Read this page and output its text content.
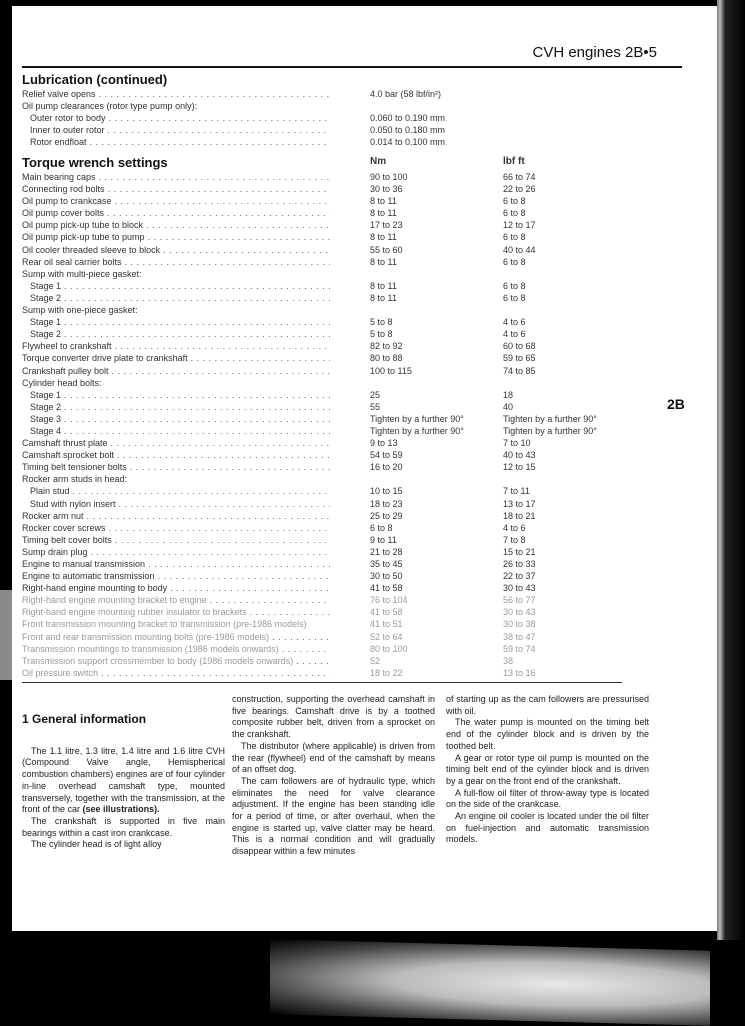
CVH engines 2B•5
Lubrication (continued)
Relief valve opens . . .	4.0 bar (58 lbf/in²)
Oil pump clearances (rotor type pump only):
Outer rotor to body . . .	0.060 to 0.190 mm
Inner to outer rotor . . .	0.050 to 0.180 mm
Rotor endfloat . . .	0.014 to 0.100 mm
Torque wrench settings	Nm	lbf ft
Main bearing caps . . .	90 to 100	66 to 74
Connecting rod bolts . . .	30 to 36	22 to 26
Oil pump to crankcase . . .	8 to 11	6 to 8
Oil pump cover bolts . . .	8 to 11	6 to 8
Oil pump pick-up tube to block . . .	17 to 23	12 to 17
Oil pump pick-up tube to pump . . .	8 to 11	6 to 8
Oil cooler threaded sleeve to block . . .	55 to 60	40 to 44
Rear oil seal carrier bolts . . .	8 to 11	6 to 8
Sump with multi-piece gasket:
Stage 1 . . .	8 to 11	6 to 8
Stage 2 . . .	8 to 11	6 to 8
Sump with one-piece gasket:
Stage 1 . . .	5 to 8	4 to 6
Stage 2 . . .	5 to 8	4 to 6
Flywheel to crankshaft . . .	82 to 92	60 to 68
Torque converter drive plate to crankshaft . . .	80 to 88	59 to 65
Crankshaft pulley bolt . . .	100 to 115	74 to 85
Cylinder head bolts:
Stage 1 . . .	25	18
Stage 2 . . .	55	40
Stage 3 . . .	Tighten by a further 90°	Tighten by a further 90°
Stage 4 . . .	Tighten by a further 90°	Tighten by a further 90°
Camshaft thrust plate . . .	9 to 13	7 to 10
Camshaft sprocket bolt . . .	54 to 59	40 to 43
Timing belt tensioner bolts . . .	16 to 20	12 to 15
Rocker arm studs in head:
Plain stud . . .	10 to 15	7 to 11
Stud with nylon insert . . .	18 to 23	13 to 17
Rocker arm nut . . .	25 to 29	18 to 21
Rocker cover screws . . .	6 to 8	4 to 6
Timing belt cover bolts . . .	9 to 11	7 to 8
Sump drain plug . . .	21 to 28	15 to 21
Engine to manual transmission . . .	35 to 45	26 to 33
Engine to automatic transmission . . .	30 to 50	22 to 37
Right-hand engine mounting to body . . .	41 to 58	30 to 43
Right-hand engine mounting bracket to engine . . .	76 to 104	56 to 77
Right-hand engine mounting rubber insulator to brackets . . .	41 to 58	30 to 43
Front transmission mounting bracket to transmission (pre-1986 models)	41 to 51	30 to 38
Front and rear transmission mounting bolts (pre-1986 models) . . .	52 to 64	38 to 47
Transmission mountings to transmission (1986 models onwards) . . .	80 to 100	59 to 74
Transmission support crossmember to body (1986 models onwards) . . .	52	38
Oil pressure switch . . .	18 to 22	13 to 16
2B
1 General information

The 1.1 litre, 1.3 litre, 1.4 litre and 1.6 litre CVH (Compound Valve angle, Hemispherical combustion chambers) engines are of four cylinder in-line overhead camshaft type, mounted transversely, together with the transmission, at the front of the car (see illustrations).

The crankshaft is supported in five main bearings within a cast iron crankcase.

The cylinder head is of light alloy

construction, supporting the overhead camshaft in five bearings. Camshaft drive is by a toothed composite rubber belt, driven from a sprocket on the crankshaft.

The distributor (where applicable) is driven from the rear (flywheel) end of the camshaft by means of an offset dog.

The cam followers are of hydraulic type, which eliminates the need for valve clearance adjustment. If the engine has been standing idle for a period of time, or after overhaul, when the engine is started up, valve clatter may be heard. This is a normal condition and will gradually disappear within a few minutes

of starting up as the cam followers are pressurised with oil.

The water pump is mounted on the timing belt end of the cylinder block and is driven by the toothed belt.

A gear or rotor type oil pump is mounted on the timing belt end of the cylinder block and is driven by a gear on the front end of the crankshaft.

A full-flow oil filter of throw-away type is located on the side of the crankcase.

An engine oil cooler is located under the oil filter on fuel-injection and automatic transmission models.
